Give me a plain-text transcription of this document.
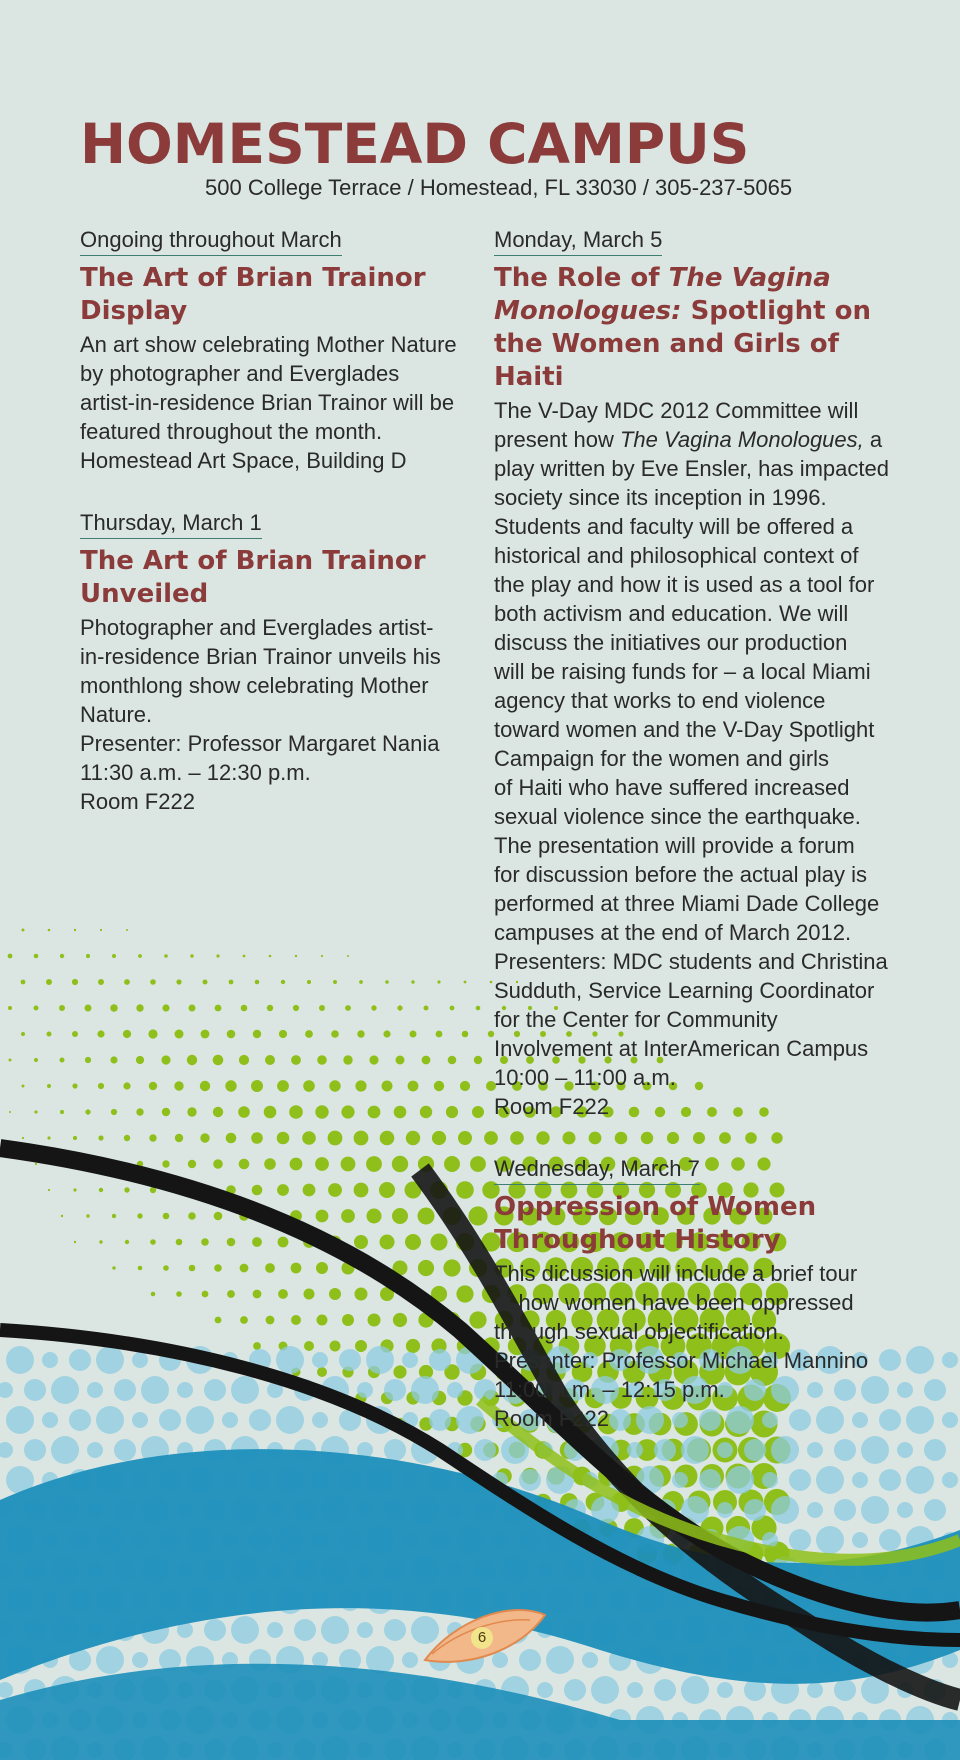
HOMESTEAD CAMPUS
500 College Terrace / Homestead, FL 33030 / 305-237-5065
Ongoing throughout March
The Art of Brian Trainor Display
An art show celebrating Mother Nature
by photographer and Everglades
artist-in-residence Brian Trainor will be
featured throughout the month.
Homestead Art Space, Building D
Thursday, March 1
The Art of Brian Trainor
Unveiled
Photographer and Everglades artist-
in-residence Brian Trainor unveils his
monthlong show celebrating Mother
Nature.
Presenter: Professor Margaret Nania
11:30 a.m. – 12:30 p.m.
Room F222
Monday, March 5
The Role of The Vagina
Monologues: Spotlight on
the Women and Girls of Haiti
The V-Day MDC 2012 Committee will
present how The Vagina Monologues, a
play written by Eve Ensler, has impacted
society since its inception in 1996.
Students and faculty will be offered a
historical and philosophical context of
the play and how it is used as a tool for
both activism and education. We will
discuss the initiatives our production
will be raising funds for – a local Miami
agency that works to end violence
toward women and the V-Day Spotlight
Campaign for the women and girls
of Haiti who have suffered increased
sexual violence since the earthquake.
The presentation will provide a forum
for discussion before the actual play is
performed at three Miami Dade College
campuses at the end of March 2012.
Presenters: MDC students and Christina
Sudduth, Service Learning Coordinator
for the Center for Community
Involvement at InterAmerican Campus
10:00 – 11:00 a.m.
Room F222
Wednesday, March 7
Oppression of Women
Throughout History
This dicussion will include a brief tour
of how women have been oppressed
through sexual objectification.
Presenter: Professor Michael Mannino
11:00 a.m. – 12:15 p.m.
Room F222
6
